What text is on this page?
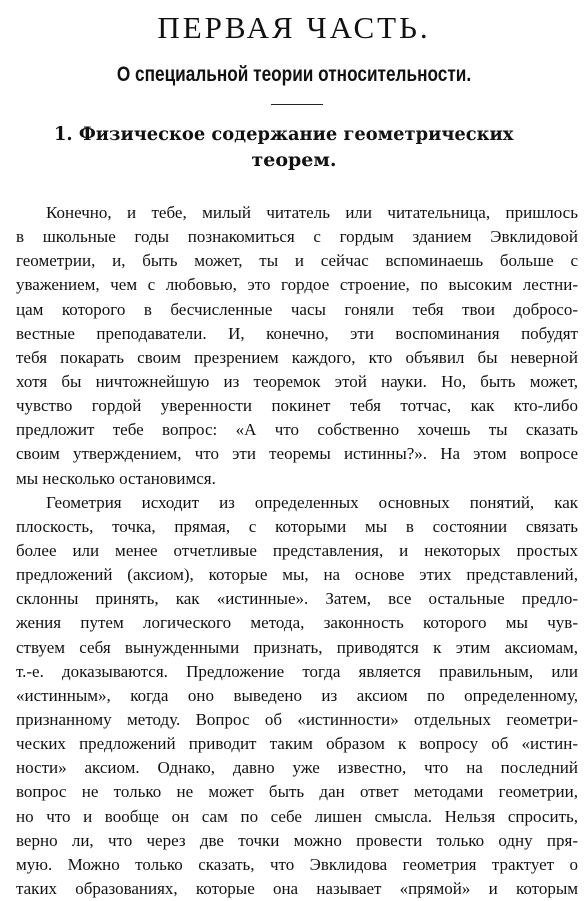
ПЕРВАЯ ЧАСТЬ.
О специальной теории относительности.
1. Физическое содержание геометрических
теорем.
Конечно, и тебе, милый читатель или читательница, пришлось
в школьные годы познакомиться с гордым зданием Эвклидовой
геометрии, и, быть может, ты и сейчас вспоминаешь больше с
уважением, чем с любовью, это гордое строение, по высоким лестни-
цам которого в бесчисленные часы гоняли тебя твои доброcо-
вестные преподаватели. И, конечно, эти воспоминания побудят
тебя покарать своим презрением каждого, кто объявил бы неверной
хотя бы ничтожнейшую из теоремок этой науки. Но, быть может,
чувство гордой уверенности покинет тебя тотчас, как кто-либо
предложит тебе вопрос: «А что собственно хочешь ты сказать
своим утверждением, что эти теоремы истинны?». На этом вопросе
мы несколько остановимся.
Геометрия исходит из определенных основных понятий, как
плоскость, точка, прямая, с которыми мы в состоянии связать
более или менее отчетливые представления, и некоторых простых
предложений (аксиом), которые мы, на основе этих представлений,
склонны принять, как «истинные». Затем, все остальные предло-
жения путем логического метода, законность которого мы чув-
ствуем себя вынужденными признать, приводятся к этим аксиомам,
т.-е. доказываются. Предложение тогда является правильным, или
«истинным», когда оно выведено из аксиом по определенному,
признанному методу. Вопрос об «истинности» отдельных геометри-
ческих предложений приводит таким образом к вопросу об «истин-
ности» аксиом. Однако, давно уже известно, что на последний
вопрос не только не может быть дан ответ методами геометрии,
но что и вообще он сам по себе лишен смысла. Нельзя спросить,
верно ли, что через две точки можно провести только одну пря-
мую. Можно только сказать, что Эвклидова геометрия трактует о
таких образованиях, которые она называет «прямой» и которым
